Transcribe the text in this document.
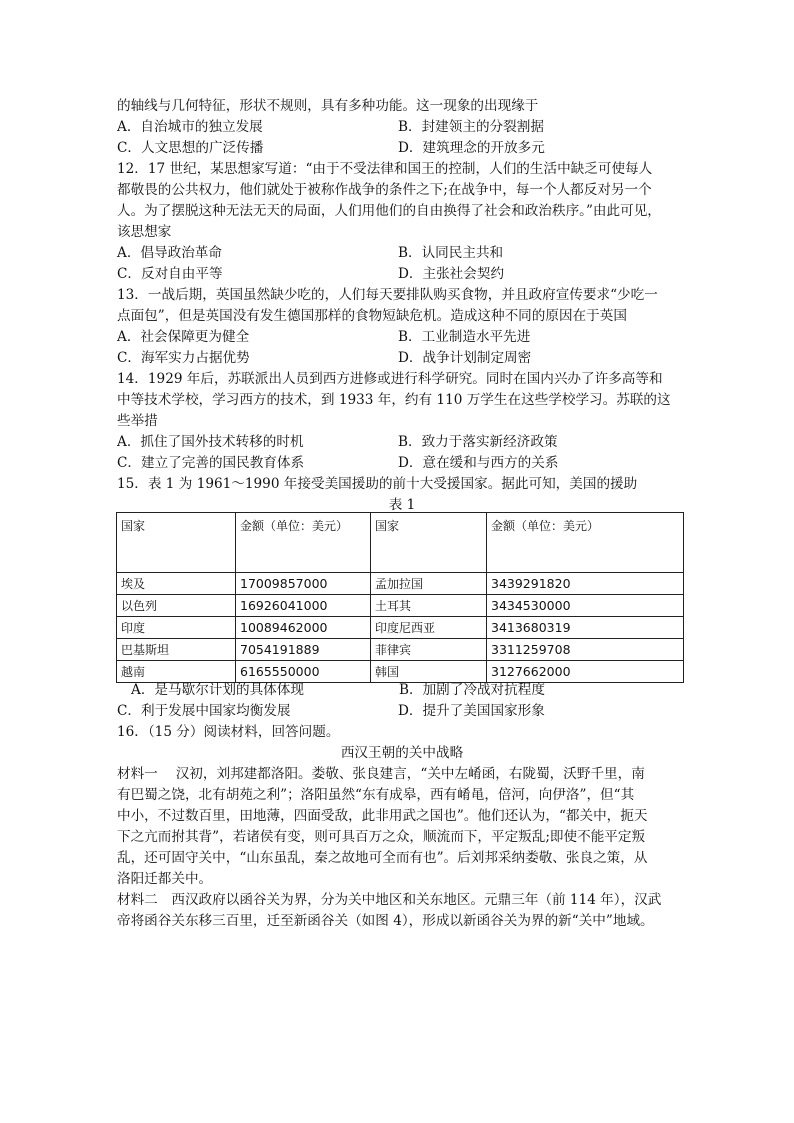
的轴线与几何特征，形状不规则，具有多种功能。这一现象的出现缘于
A．自治城市的独立发展	B．封建领主的分裂割据
C．人文思想的广泛传播	D．建筑理念的开放多元
12．17 世纪，某思想家写道：“由于不受法律和国王的控制，人们的生活中缺乏可使每人
都敬畏的公共权力，他们就处于被称作战争的条件之下;在战争中，每一个人都反对另一个
人。为了摆脱这种无法无天的局面，人们用他们的自由换得了社会和政治秩序。”由此可见，
该思想家
A．倡导政治革命	B．认同民主共和
C．反对自由平等	D．主张社会契约
13．一战后期，英国虽然缺少吃的，人们每天要排队购买食物，并且政府宣传要求“少吃一
点面包”，但是英国没有发生德国那样的食物短缺危机。造成这种不同的原因在于英国
A．社会保障更为健全	B．工业制造水平先进
C．海军实力占据优势	D．战争计划制定周密
14．1929 年后，苏联派出人员到西方进修或进行科学研究。同时在国内兴办了许多高等和
中等技术学校，学习西方的技术，到 1933 年，约有 110 万学生在这些学校学习。苏联的这
些举措
A．抓住了国外技术转移的时机	B．致力于落实新经济政策
C．建立了完善的国民教育体系	D．意在缓和与西方的关系
15．表 1 为 1961～1990 年接受美国援助的前十大受援国家。据此可知，美国的援助
表 1
国家	金额（单位：美元）	国家	金额（单位：美元）
埃及	17009857000	孟加拉国	3439291820
以色列	16926041000	土耳其	3434530000
印度	10089462000	印度尼西亚	3413680319
巴基斯坦	7054191889	菲律宾	3311259708
越南	6165550000	韩国	3127662000
A．是马歇尔计划的具体体现	B．加剧了冷战对抗程度
C．利于发展中国家均衡发展	D．提升了美国国家形象
16．（15 分）阅读材料，回答问题。
西汉王朝的关中战略
材料一　 汉初，刘邦建都洛阳。娄敬、张良建言，“关中左崤函，右陇蜀，沃野千里，南
有巴蜀之饶，北有胡苑之利”；洛阳虽然“东有成皋，西有崤黾，倍河，向伊洛”，但“其
中小，不过数百里，田地薄，四面受敌，此非用武之国也”。他们还认为，“都关中，扼天
下之亢而拊其背”，若诸侯有变，则可具百万之众，顺流而下，平定叛乱;即使不能平定叛
乱，还可固守关中，“山东虽乱，秦之故地可全而有也”。后刘邦采纳娄敬、张良之策，从
洛阳迁都关中。
材料二　西汉政府以函谷关为界，分为关中地区和关东地区。元鼎三年（前 114 年），汉武
帝将函谷关东移三百里，迁至新函谷关（如图 4），形成以新函谷关为界的新“关中”地域。
